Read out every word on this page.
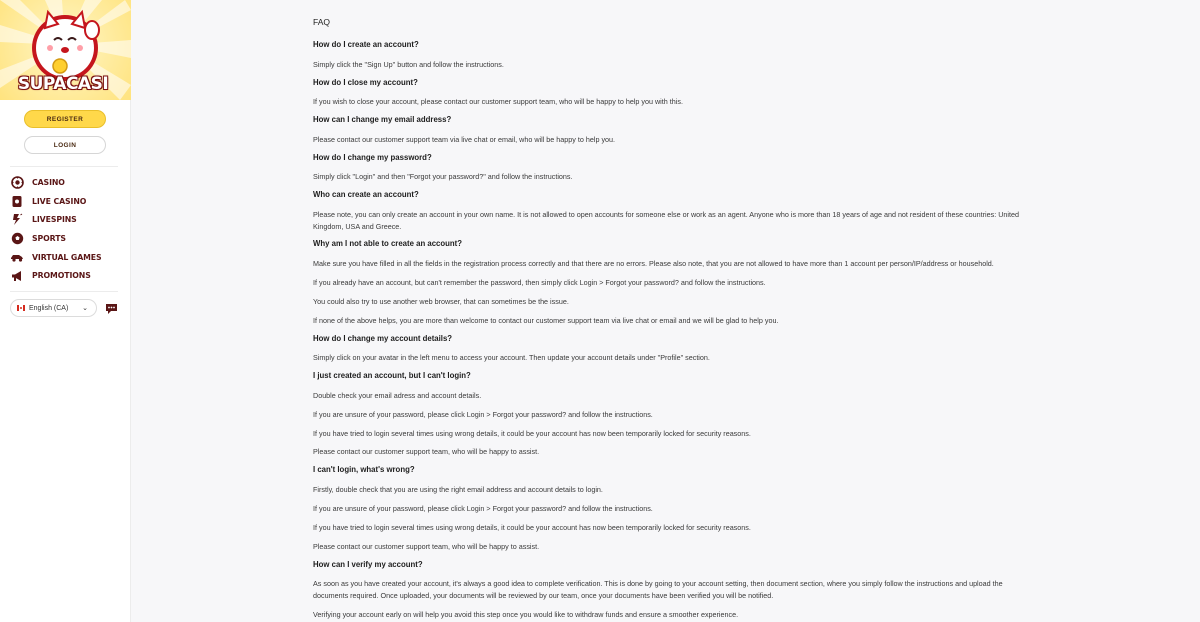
SUPACASI
REGISTER
LOGIN
CASINO
LIVE CASINO
LIVESPINS
SPORTS
VIRTUAL GAMES
PROMOTIONS
English (CA) ⌄
FAQ
How do I create an account?
Simply click the "Sign Up" button and follow the instructions.
How do I close my account?
If you wish to close your account, please contact our customer support team, who will be happy to help you with this.
How can I change my email address?
Please contact our customer support team via live chat or email, who will be happy to help you.
How do I change my password?
Simply click "Login" and then "Forgot your password?" and follow the instructions.
Who can create an account?
Please note, you can only create an account in your own name. It is not allowed to open accounts for someone else or work as an agent. Anyone who is more than 18 years of age and not resident of these countries: United Kingdom, USA and Greece.
Why am I not able to create an account?
Make sure you have filled in all the fields in the registration process correctly and that there are no errors. Please also note, that you are not allowed to have more than 1 account per person/IP/address or household.
If you already have an account, but can't remember the password, then simply click Login > Forgot your password? and follow the instructions.
You could also try to use another web browser, that can sometimes be the issue.
If none of the above helps, you are more than welcome to contact our customer support team via live chat or email and we will be glad to help you.
How do I change my account details?
Simply click on your avatar in the left menu to access your account. Then update your account details under "Profile" section.
I just created an account, but I can't login?
Double check your email adress and account details.
If you are unsure of your password, please click Login > Forgot your password? and follow the instructions.
If you have tried to login several times using wrong details, it could be your account has now been temporarily locked for security reasons.
Please contact our customer support team, who will be happy to assist.
I can't login, what's wrong?
Firstly, double check that you are using the right email address and account details to login.
If you are unsure of your password, please click Login > Forgot your password? and follow the instructions.
If you have tried to login several times using wrong details, it could be your account has now been temporarily locked for security reasons.
Please contact our customer support team, who will be happy to assist.
How can I verify my account?
As soon as you have created your account, it's always a good idea to complete verification. This is done by going to your account setting, then document section, where you simply follow the instructions and upload the documents required. Once uploaded, your documents will be reviewed by our team, once your documents have been verified you will be notified.
Verifying your account early on will help you avoid this step once you would like to withdraw funds and ensure a smoother experience.
